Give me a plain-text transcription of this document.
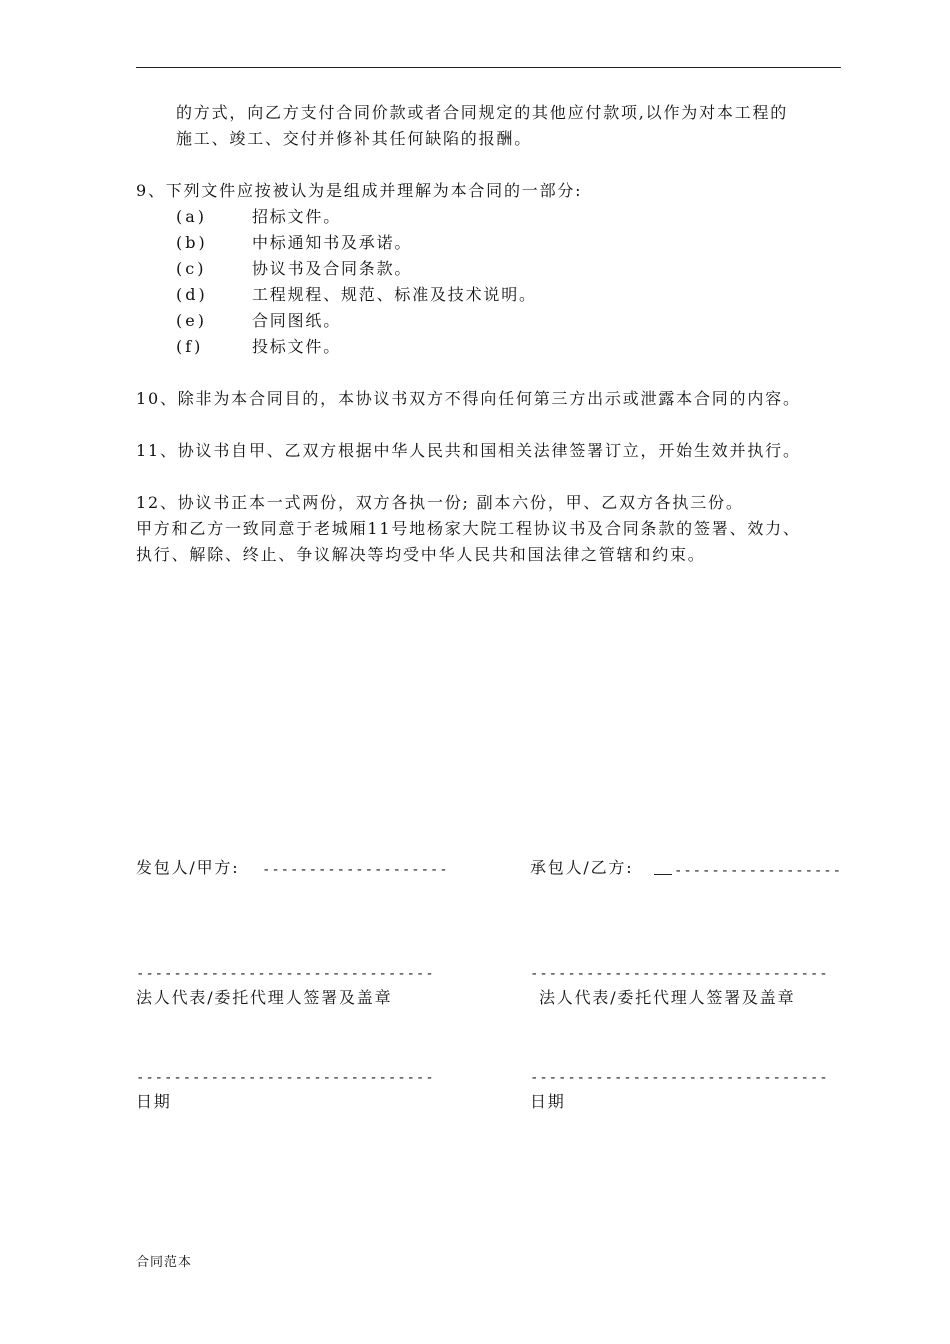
的方式，向乙方支付合同价款或者合同规定的其他应付款项,以作为对本工程的
施工、竣工、交付并修补其任何缺陷的报酬。
9、下列文件应按被认为是组成并理解为本合同的一部分:
(a)	招标文件。
(b)	中标通知书及承诺。
(c)	协议书及合同条款。
(d)	工程规程、规范、标准及技术说明。
(e)	合同图纸。
(f)	投标文件。
10、除非为本合同目的，本协议书双方不得向任何第三方出示或泄露本合同的内容。
11、协议书自甲、乙双方根据中华人民共和国相关法律签署订立，开始生效并执行。
12、协议书正本一式两份，双方各执一份; 副本六份，甲、乙双方各执三份。
甲方和乙方一致同意于老城厢11号地杨家大院工程协议书及合同条款的签署、效力、
执行、解除、终止、争议解决等均受中华人民共和国法律之管辖和约束。
发包人/甲方: --------------------
--------------------------------
法人代表/委托代理人签署及盖章
--------------------------------
日期
承包人/乙方:	------------------
--------------------------------
法人代表/委托代理人签署及盖章
--------------------------------
日期
合同范本
